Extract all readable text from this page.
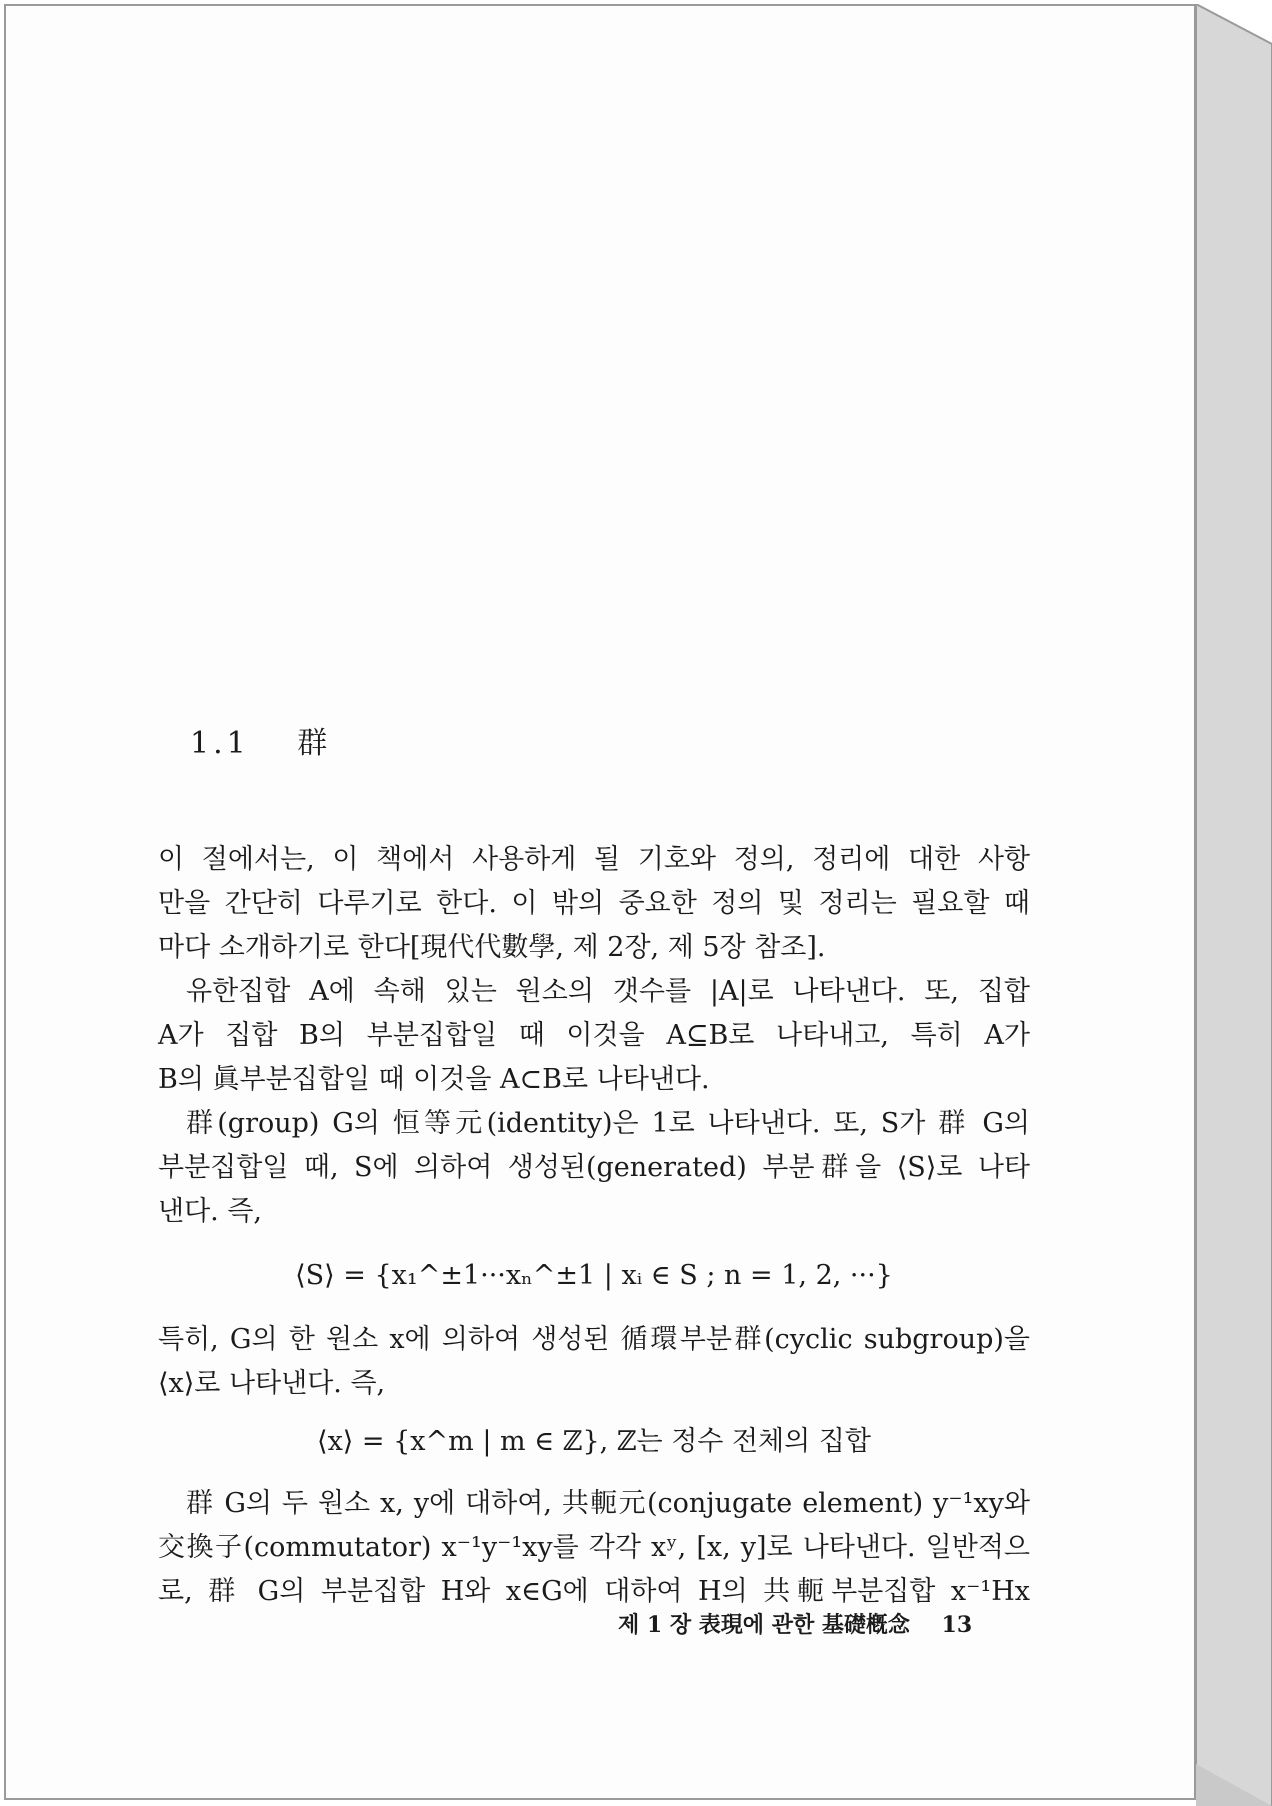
1.1 群
이 절에서는, 이 책에서 사용하게 될 기호와 정의, 정리에 대한 사항
만을 간단히 다루기로 한다. 이 밖의 중요한 정의 및 정리는 필요할 때
마다 소개하기로 한다[現代代數學, 제 2장, 제 5장 참조].
유한집합 A에 속해 있는 원소의 갯수를 |A|로 나타낸다. 또, 집합
A가 집합 B의 부분집합일 때 이것을 A⊆B로 나타내고, 특히 A가
B의 眞부분집합일 때 이것을 A⊂B로 나타낸다.
群(group) G의 恒等元(identity)은 1로 나타낸다. 또, S가 群 G의
부분집합일 때, S에 의하여 생성된(generated) 부분群을 ⟨S⟩로 나타
낸다. 즉,
⟨S⟩ = {x₁^±1···xₙ^±1 | xᵢ ∈ S ; n = 1, 2, ···}
특히, G의 한 원소 x에 의하여 생성된 循環부분群(cyclic subgroup)을
⟨x⟩로 나타낸다. 즉,
⟨x⟩ = {x^m | m ∈ ℤ}, ℤ는 정수 전체의 집합
群 G의 두 원소 x, y에 대하여, 共軛元(conjugate element) y⁻¹xy와
交換子(commutator) x⁻¹y⁻¹xy를 각각 xʸ, [x, y]로 나타낸다. 일반적으
로, 群 G의 부분집합 H와 x∈G에 대하여 H의 共軛부분집합 x⁻¹Hx
제 1 장 表現에 관한 基礎槪念 13
